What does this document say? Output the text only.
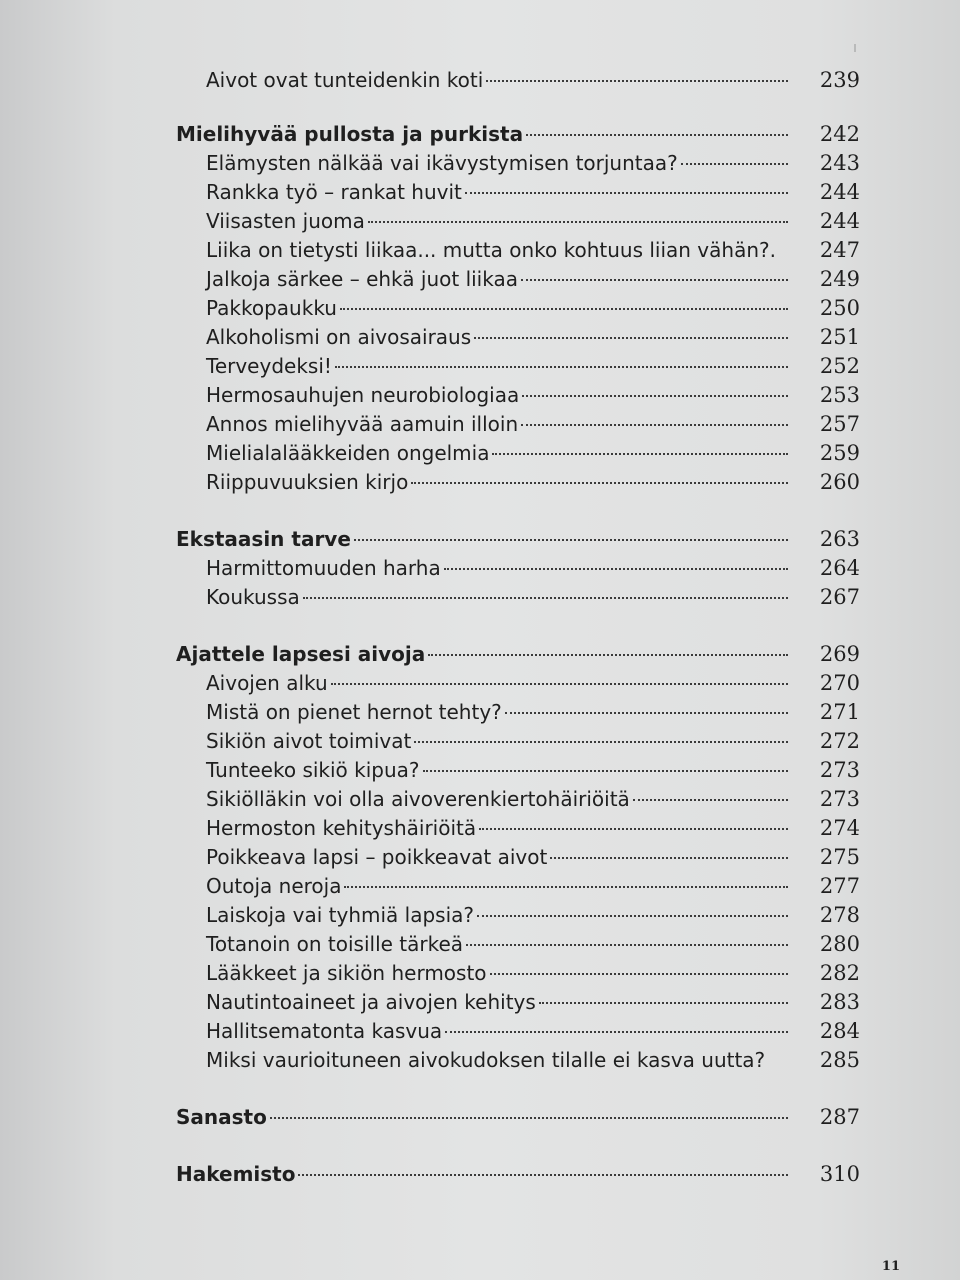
Aivot ovat tunteidenkin koti	239
Mielihyvää pullosta ja purkista	242
Elämysten nälkää vai ikävystymisen torjuntaa?	243
Rankka työ – rankat huvit	244
Viisasten juoma	244
Liika on tietysti liikaa... mutta onko kohtuus liian vähän?.	247
Jalkoja särkee – ehkä juot liikaa	249
Pakkopaukku	250
Alkoholismi on aivosairaus	251
Terveydeksi!	252
Hermosauhujen neurobiologiaa	253
Annos mielihyvää aamuin illoin	257
Mielialalääkkeiden ongelmia	259
Riippuvuuksien kirjo	260
Ekstaasin tarve	263
Harmittomuuden harha	264
Koukussa	267
Ajattele lapsesi aivoja	269
Aivojen alku	270
Mistä on pienet hernot tehty?	271
Sikiön aivot toimivat	272
Tunteeko sikiö kipua?	273
Sikiölläkin voi olla aivoverenkiertohäiriöitä	273
Hermoston kehityshäiriöitä	274
Poikkeava lapsi – poikkeavat aivot	275
Outoja neroja	277
Laiskoja vai tyhmiä lapsia?	278
Totanoin on toisille tärkeä	280
Lääkkeet ja sikiön hermosto	282
Nautintoaineet ja aivojen kehitys	283
Hallitsematonta kasvua	284
Miksi vaurioituneen aivokudoksen tilalle ei kasva uutta?	285
Sanasto	287
Hakemisto	310
11
